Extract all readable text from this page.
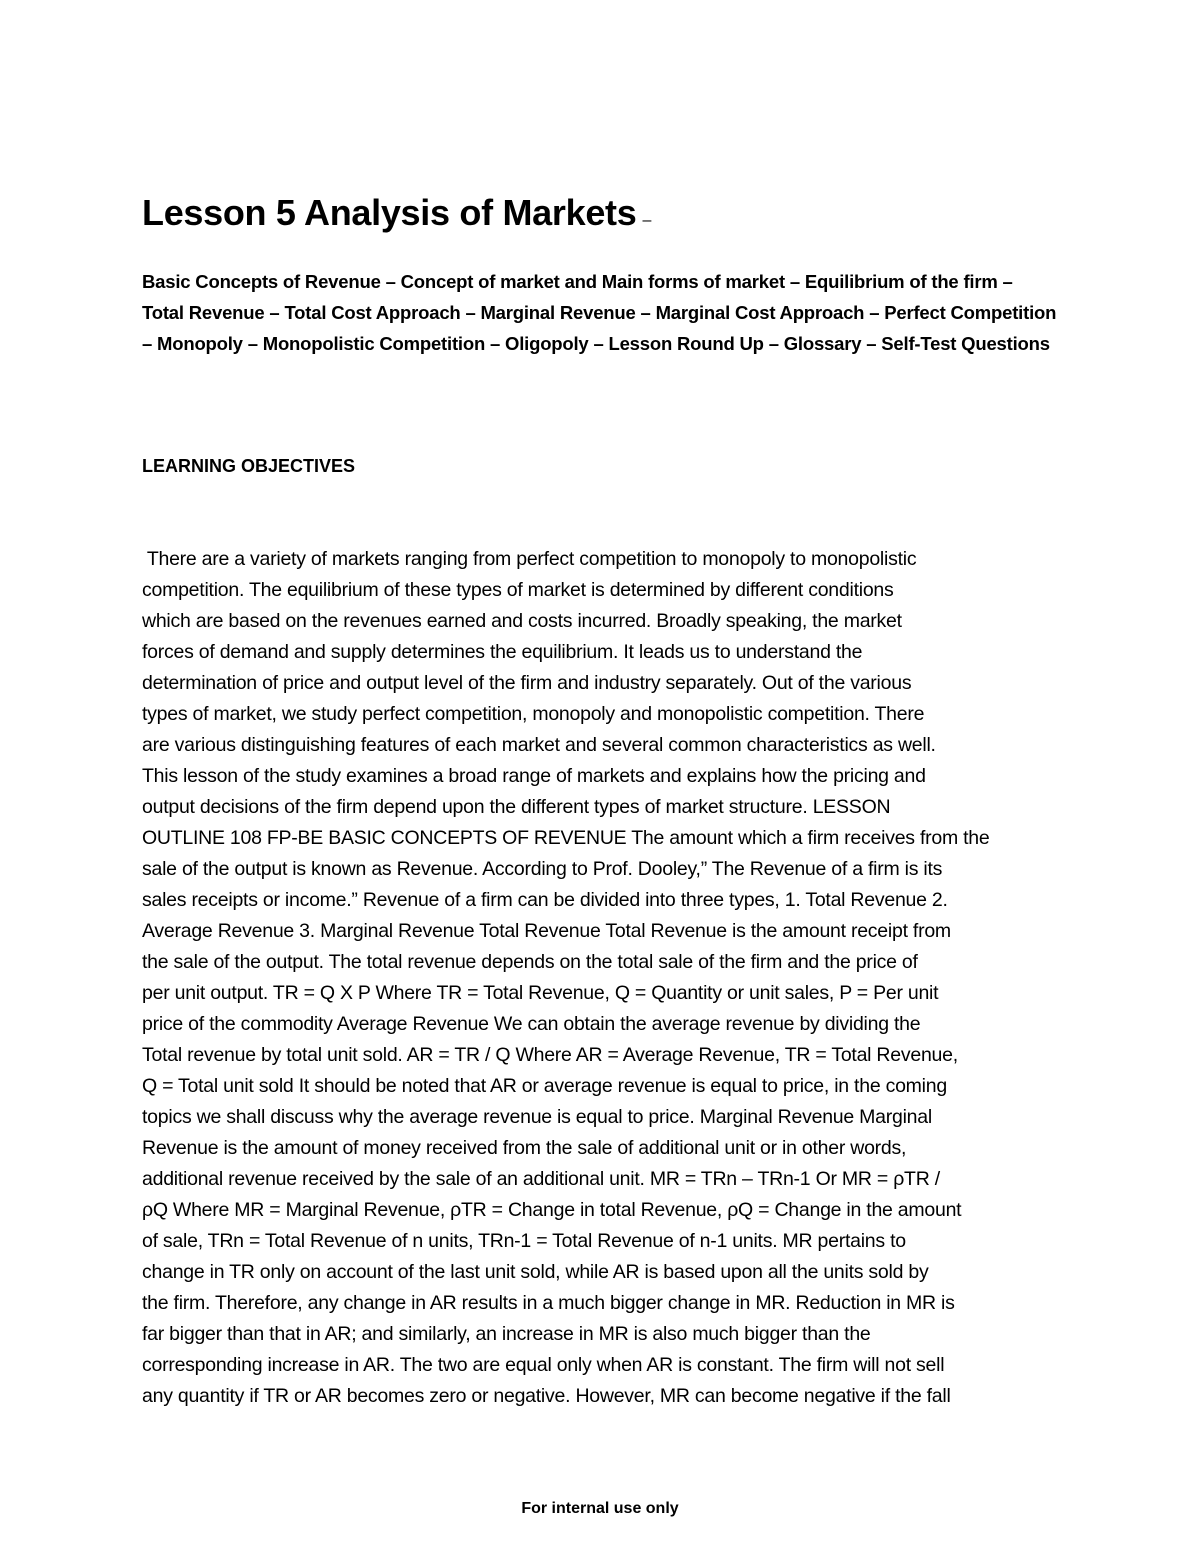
Lesson 5 Analysis of Markets –
Basic Concepts of Revenue – Concept of market and Main forms of market – Equilibrium of the firm – Total Revenue – Total Cost Approach – Marginal Revenue – Marginal Cost Approach – Perfect Competition – Monopoly – Monopolistic Competition – Oligopoly – Lesson Round Up – Glossary – Self-Test Questions
LEARNING OBJECTIVES
There are a variety of markets ranging from perfect competition to monopoly to monopolistic
competition. The equilibrium of these types of market is determined by different conditions
which are based on the revenues earned and costs incurred. Broadly speaking, the market
forces of demand and supply determines the equilibrium. It leads us to understand the
determination of price and output level of the firm and industry separately. Out of the various
types of market, we study perfect competition, monopoly and monopolistic competition. There
are various distinguishing features of each market and several common characteristics as well.
This lesson of the study examines a broad range of markets and explains how the pricing and
output decisions of the firm depend upon the different types of market structure. LESSON
OUTLINE 108 FP-BE BASIC CONCEPTS OF REVENUE The amount which a firm receives from the
sale of the output is known as Revenue. According to Prof. Dooley,” The Revenue of a firm is its
sales receipts or income.” Revenue of a firm can be divided into three types, 1. Total Revenue 2.
Average Revenue 3. Marginal Revenue Total Revenue Total Revenue is the amount receipt from
the sale of the output. The total revenue depends on the total sale of the firm and the price of
per unit output. TR = Q X P Where TR = Total Revenue, Q = Quantity or unit sales, P = Per unit
price of the commodity Average Revenue We can obtain the average revenue by dividing the
Total revenue by total unit sold. AR = TR / Q Where AR = Average Revenue, TR = Total Revenue,
Q = Total unit sold It should be noted that AR or average revenue is equal to price, in the coming
topics we shall discuss why the average revenue is equal to price. Marginal Revenue Marginal
Revenue is the amount of money received from the sale of additional unit or in other words,
additional revenue received by the sale of an additional unit. MR = TRn – TRn-1 Or MR = ρTR /
ρQ Where MR = Marginal Revenue, ρTR = Change in total Revenue, ρQ = Change in the amount
of sale, TRn = Total Revenue of n units, TRn-1 = Total Revenue of n-1 units. MR pertains to
change in TR only on account of the last unit sold, while AR is based upon all the units sold by
the firm. Therefore, any change in AR results in a much bigger change in MR. Reduction in MR is
far bigger than that in AR; and similarly, an increase in MR is also much bigger than the
corresponding increase in AR. The two are equal only when AR is constant. The firm will not sell
any quantity if TR or AR becomes zero or negative. However, MR can become negative if the fall
For internal use only
